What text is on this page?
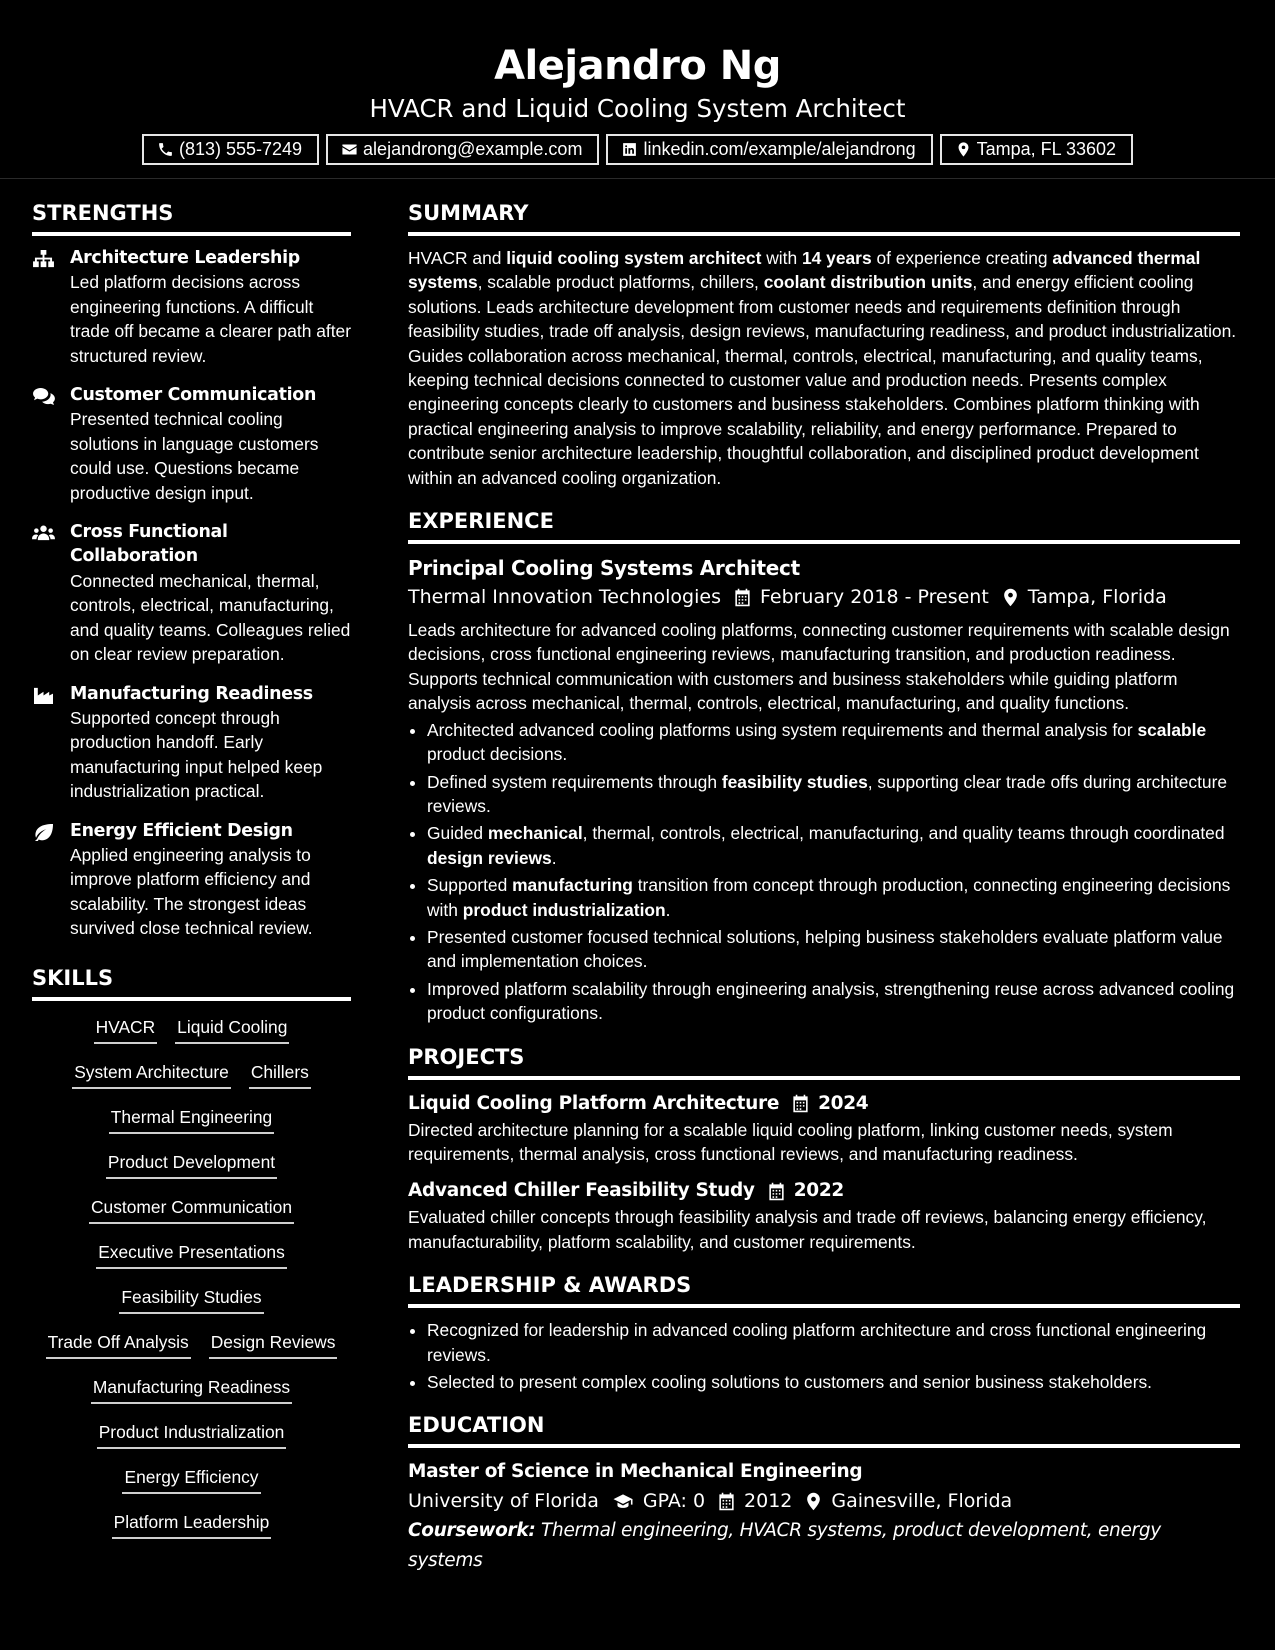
Alejandro Ng
HVACR and Liquid Cooling System Architect
(813) 555-7249	alejandrong@example.com	linkedin.com/example/alejandrong	Tampa, FL 33602
STRENGTHS
Architecture Leadership
Led platform decisions across engineering functions. A difficult trade off became a clearer path after structured review.
Customer Communication
Presented technical cooling solutions in language customers could use. Questions became productive design input.
Cross Functional Collaboration
Connected mechanical, thermal, controls, electrical, manufacturing, and quality teams. Colleagues relied on clear review preparation.
Manufacturing Readiness
Supported concept through production handoff. Early manufacturing input helped keep industrialization practical.
Energy Efficient Design
Applied engineering analysis to improve platform efficiency and scalability. The strongest ideas survived close technical review.
SKILLS
HVACR Liquid Cooling
System Architecture Chillers
Thermal Engineering
Product Development
Customer Communication
Executive Presentations
Feasibility Studies
Trade Off Analysis Design Reviews
Manufacturing Readiness
Product Industrialization
Energy Efficiency
Platform Leadership
SUMMARY
HVACR and liquid cooling system architect with 14 years of experience creating advanced thermal systems, scalable product platforms, chillers, coolant distribution units, and energy efficient cooling solutions. Leads architecture development from customer needs and requirements definition through feasibility studies, trade off analysis, design reviews, manufacturing readiness, and product industrialization. Guides collaboration across mechanical, thermal, controls, electrical, manufacturing, and quality teams, keeping technical decisions connected to customer value and production needs. Presents complex engineering concepts clearly to customers and business stakeholders. Combines platform thinking with practical engineering analysis to improve scalability, reliability, and energy performance. Prepared to contribute senior architecture leadership, thoughtful collaboration, and disciplined product development within an advanced cooling organization.
EXPERIENCE
Principal Cooling Systems Architect
Thermal Innovation Technologies February 2018 - Present Tampa, Florida
Leads architecture for advanced cooling platforms, connecting customer requirements with scalable design decisions, cross functional engineering reviews, manufacturing transition, and production readiness. Supports technical communication with customers and business stakeholders while guiding platform analysis across mechanical, thermal, controls, electrical, manufacturing, and quality functions.
• Architected advanced cooling platforms using system requirements and thermal analysis for scalable product decisions.
• Defined system requirements through feasibility studies, supporting clear trade offs during architecture reviews.
• Guided mechanical, thermal, controls, electrical, manufacturing, and quality teams through coordinated design reviews.
• Supported manufacturing transition from concept through production, connecting engineering decisions with product industrialization.
• Presented customer focused technical solutions, helping business stakeholders evaluate platform value and implementation choices.
• Improved platform scalability through engineering analysis, strengthening reuse across advanced cooling product configurations.
PROJECTS
Liquid Cooling Platform Architecture 2024
Directed architecture planning for a scalable liquid cooling platform, linking customer needs, system requirements, thermal analysis, cross functional reviews, and manufacturing readiness.
Advanced Chiller Feasibility Study 2022
Evaluated chiller concepts through feasibility analysis and trade off reviews, balancing energy efficiency, manufacturability, platform scalability, and customer requirements.
LEADERSHIP & AWARDS
• Recognized for leadership in advanced cooling platform architecture and cross functional engineering reviews.
• Selected to present complex cooling solutions to customers and senior business stakeholders.
EDUCATION
Master of Science in Mechanical Engineering
University of Florida GPA: 0 2012 Gainesville, Florida
Coursework: Thermal engineering, HVACR systems, product development, energy systems
